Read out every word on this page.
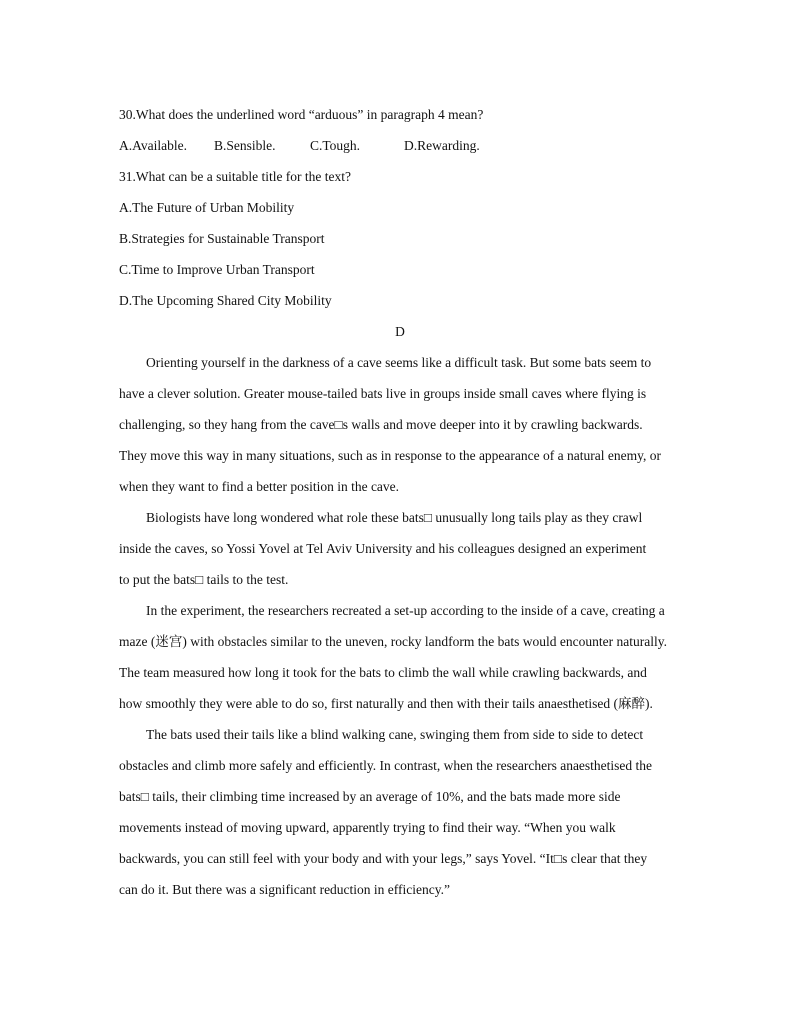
30.What does the underlined word “arduous” in paragraph 4 mean?
A.Available. B.Sensible.	C.Tough.	D.Rewarding.
31.What can be a suitable title for the text?
A.The Future of Urban Mobility
B.Strategies for Sustainable Transport
C.Time to Improve Urban Transport
D.The Upcoming Shared City Mobility
D
Orienting yourself in the darkness of a cave seems like a difficult task. But some bats seem to
have a clever solution. Greater mouse-tailed bats live in groups inside small caves where flying is
challenging, so they hang from the cave□s walls and move deeper into it by crawling backwards.
They move this way in many situations, such as in response to the appearance of a natural enemy, or
when they want to find a better position in the cave.
Biologists have long wondered what role these bats□ unusually long tails play as they crawl
inside the caves, so Yossi Yovel at Tel Aviv University and his colleagues designed an experiment
to put the bats□ tails to the test.
In the experiment, the researchers recreated a set-up according to the inside of a cave, creating a
maze (迷宫) with obstacles similar to the uneven, rocky landform the bats would encounter naturally.
The team measured how long it took for the bats to climb the wall while crawling backwards, and
how smoothly they were able to do so, first naturally and then with their tails anaesthetised (麻醉).
The bats used their tails like a blind walking cane, swinging them from side to side to detect
obstacles and climb more safely and efficiently. In contrast, when the researchers anaesthetised the
bats□ tails, their climbing time increased by an average of 10%, and the bats made more side
movements instead of moving upward, apparently trying to find their way. “When you walk
backwards, you can still feel with your body and with your legs,” says Yovel. “It□s clear that they
can do it. But there was a significant reduction in efficiency.”
